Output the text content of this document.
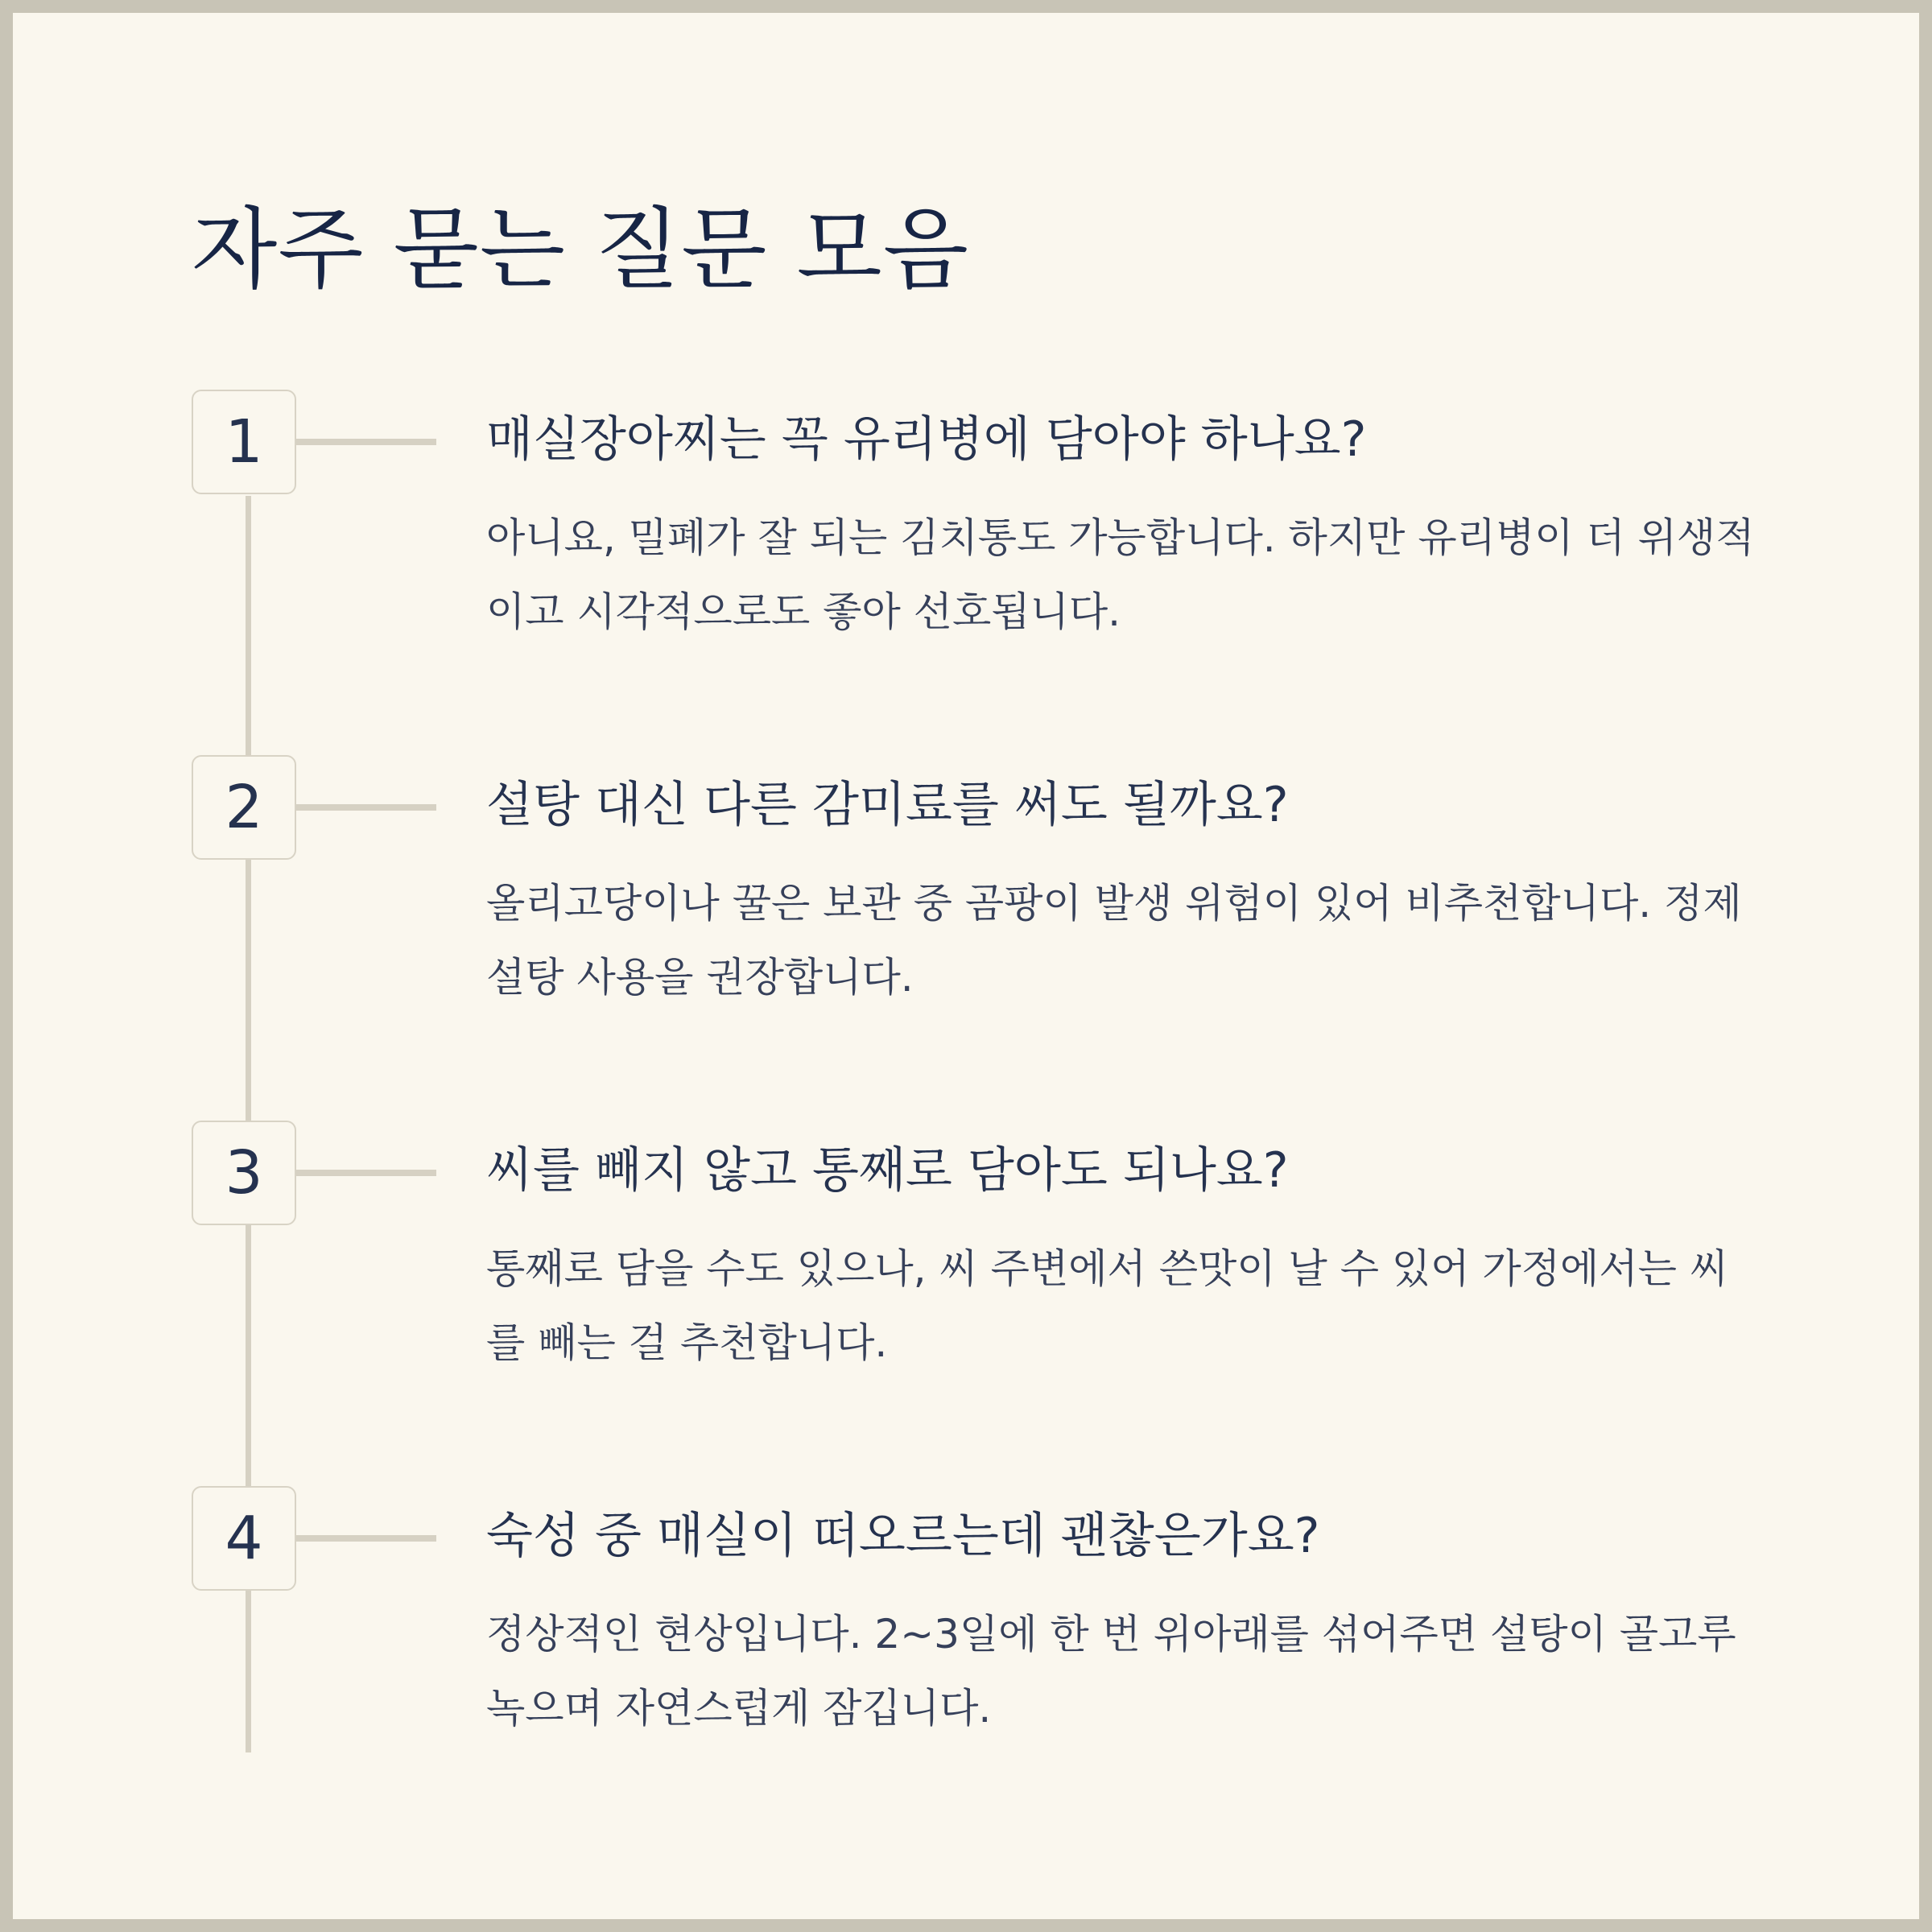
자주 묻는 질문 모음
1	매실장아찌는 꼭 유리병에 담아야 하나요?

아니요, 밀폐가 잘 되는 김치통도 가능합니다. 하지만 유리병이 더 위생적이고 시각적으로도 좋아 선호됩니다.

2	설탕 대신 다른 감미료를 써도 될까요?

올리고당이나 꿀은 보관 중 곰팡이 발생 위험이 있어 비추천합니다. 정제설탕 사용을 권장합니다.

3	씨를 빼지 않고 통째로 담아도 되나요?

통째로 담을 수도 있으나, 씨 주변에서 쓴맛이 날 수 있어 가정에서는 씨를 빼는 걸 추천합니다.

4	숙성 중 매실이 떠오르는데 괜찮은가요?

정상적인 현상입니다. 2~3일에 한 번 위아래를 섞어주면 설탕이 골고루 녹으며 자연스럽게 잠깁니다.
